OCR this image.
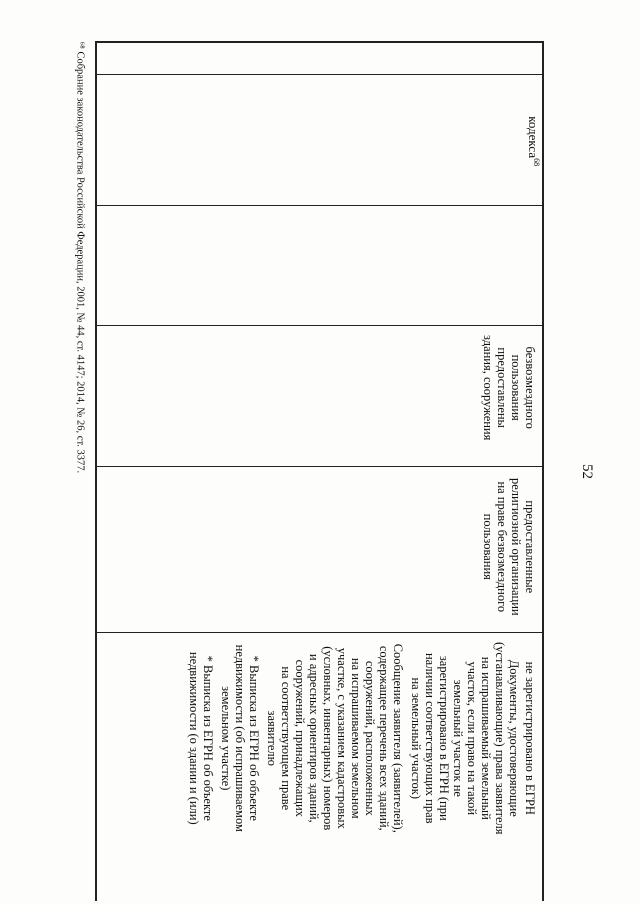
52
⁶⁸ Собрание законодательства Российской Федерации, 2001, № 44, ст. 4147; 2014, № 26, ст. 3377.	кодекса$^{68}$
безвозмездного
пользования
предоставлены
здания, сооружения
предоставленные
религиозной организации
на праве безвозмездного
пользования
не зарегистрировано в ЕГРН
Документы, удостоверяющие
(устанавливающие) права заявителя
на испрашиваемый земельный
участок, если право на такой
земельный участок не
зарегистрировано в ЕГРН (при
наличии соответствующих прав
на земельный участок)
Сообщение заявителя (заявителей),
содержащее перечень всех зданий,
сооружений, расположенных
на испрашиваемом земельном
участке, с указанием кадастровых
(условных, инвентарных) номеров
и адресных ориентиров зданий,
сооружений, принадлежащих
на соответствующем праве
заявителю
* Выписка из ЕГРН об объекте
недвижимости (об испрашиваемом
земельном участке)
* Выписка из ЕГРН об объекте
недвижимости (о здании и (или)
